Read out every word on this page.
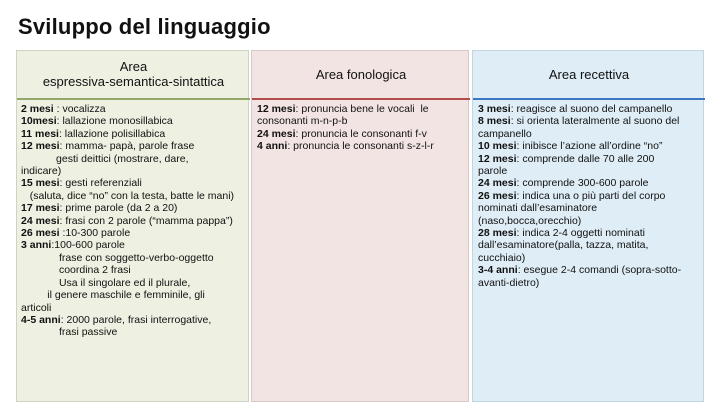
Sviluppo del linguaggio
Area
espressiva-semantica-sintattica
2 mesi : vocalizza
10mesi: lallazione monosillabica
11 mesi: lallazione polisillabica
12 mesi: mamma- papà, parole frase
gesti deittici (mostrare, dare,
indicare)
15 mesi: gesti referenziali
(saluta, dice “no” con la testa, batte le mani)
17 mesi: prime parole (da 2 a 20)
24 mesi: frasi con 2 parole (“mamma pappa”)
26 mesi :10-300 parole
3 anni:100-600 parole
frase con soggetto-verbo-oggetto
coordina 2 frasi
Usa il singolare ed il plurale,
il genere maschile e femminile, gli
articoli
4-5 anni: 2000 parole, frasi interrogative,
frasi passive
Area fonologica
12 mesi: pronuncia bene le vocali  le
consonanti m-n-p-b
24 mesi: pronuncia le consonanti f-v
4 anni: pronuncia le consonanti s-z-l-r
Area recettiva
3 mesi: reagisce al suono del campanello
8 mesi: si orienta lateralmente al suono del
campanello
10 mesi: inibisce l’azione all’ordine “no”
12 mesi: comprende dalle 70 alle 200
parole
24 mesi: comprende 300-600 parole
26 mesi: indica una o più parti del corpo
nominati dall’esaminatore
(naso,bocca,orecchio)
28 mesi: indica 2-4 oggetti nominati
dall’esaminatore(palla, tazza, matita,
cucchiaio)
3-4 anni: esegue 2-4 comandi (sopra-sotto-
avanti-dietro)
